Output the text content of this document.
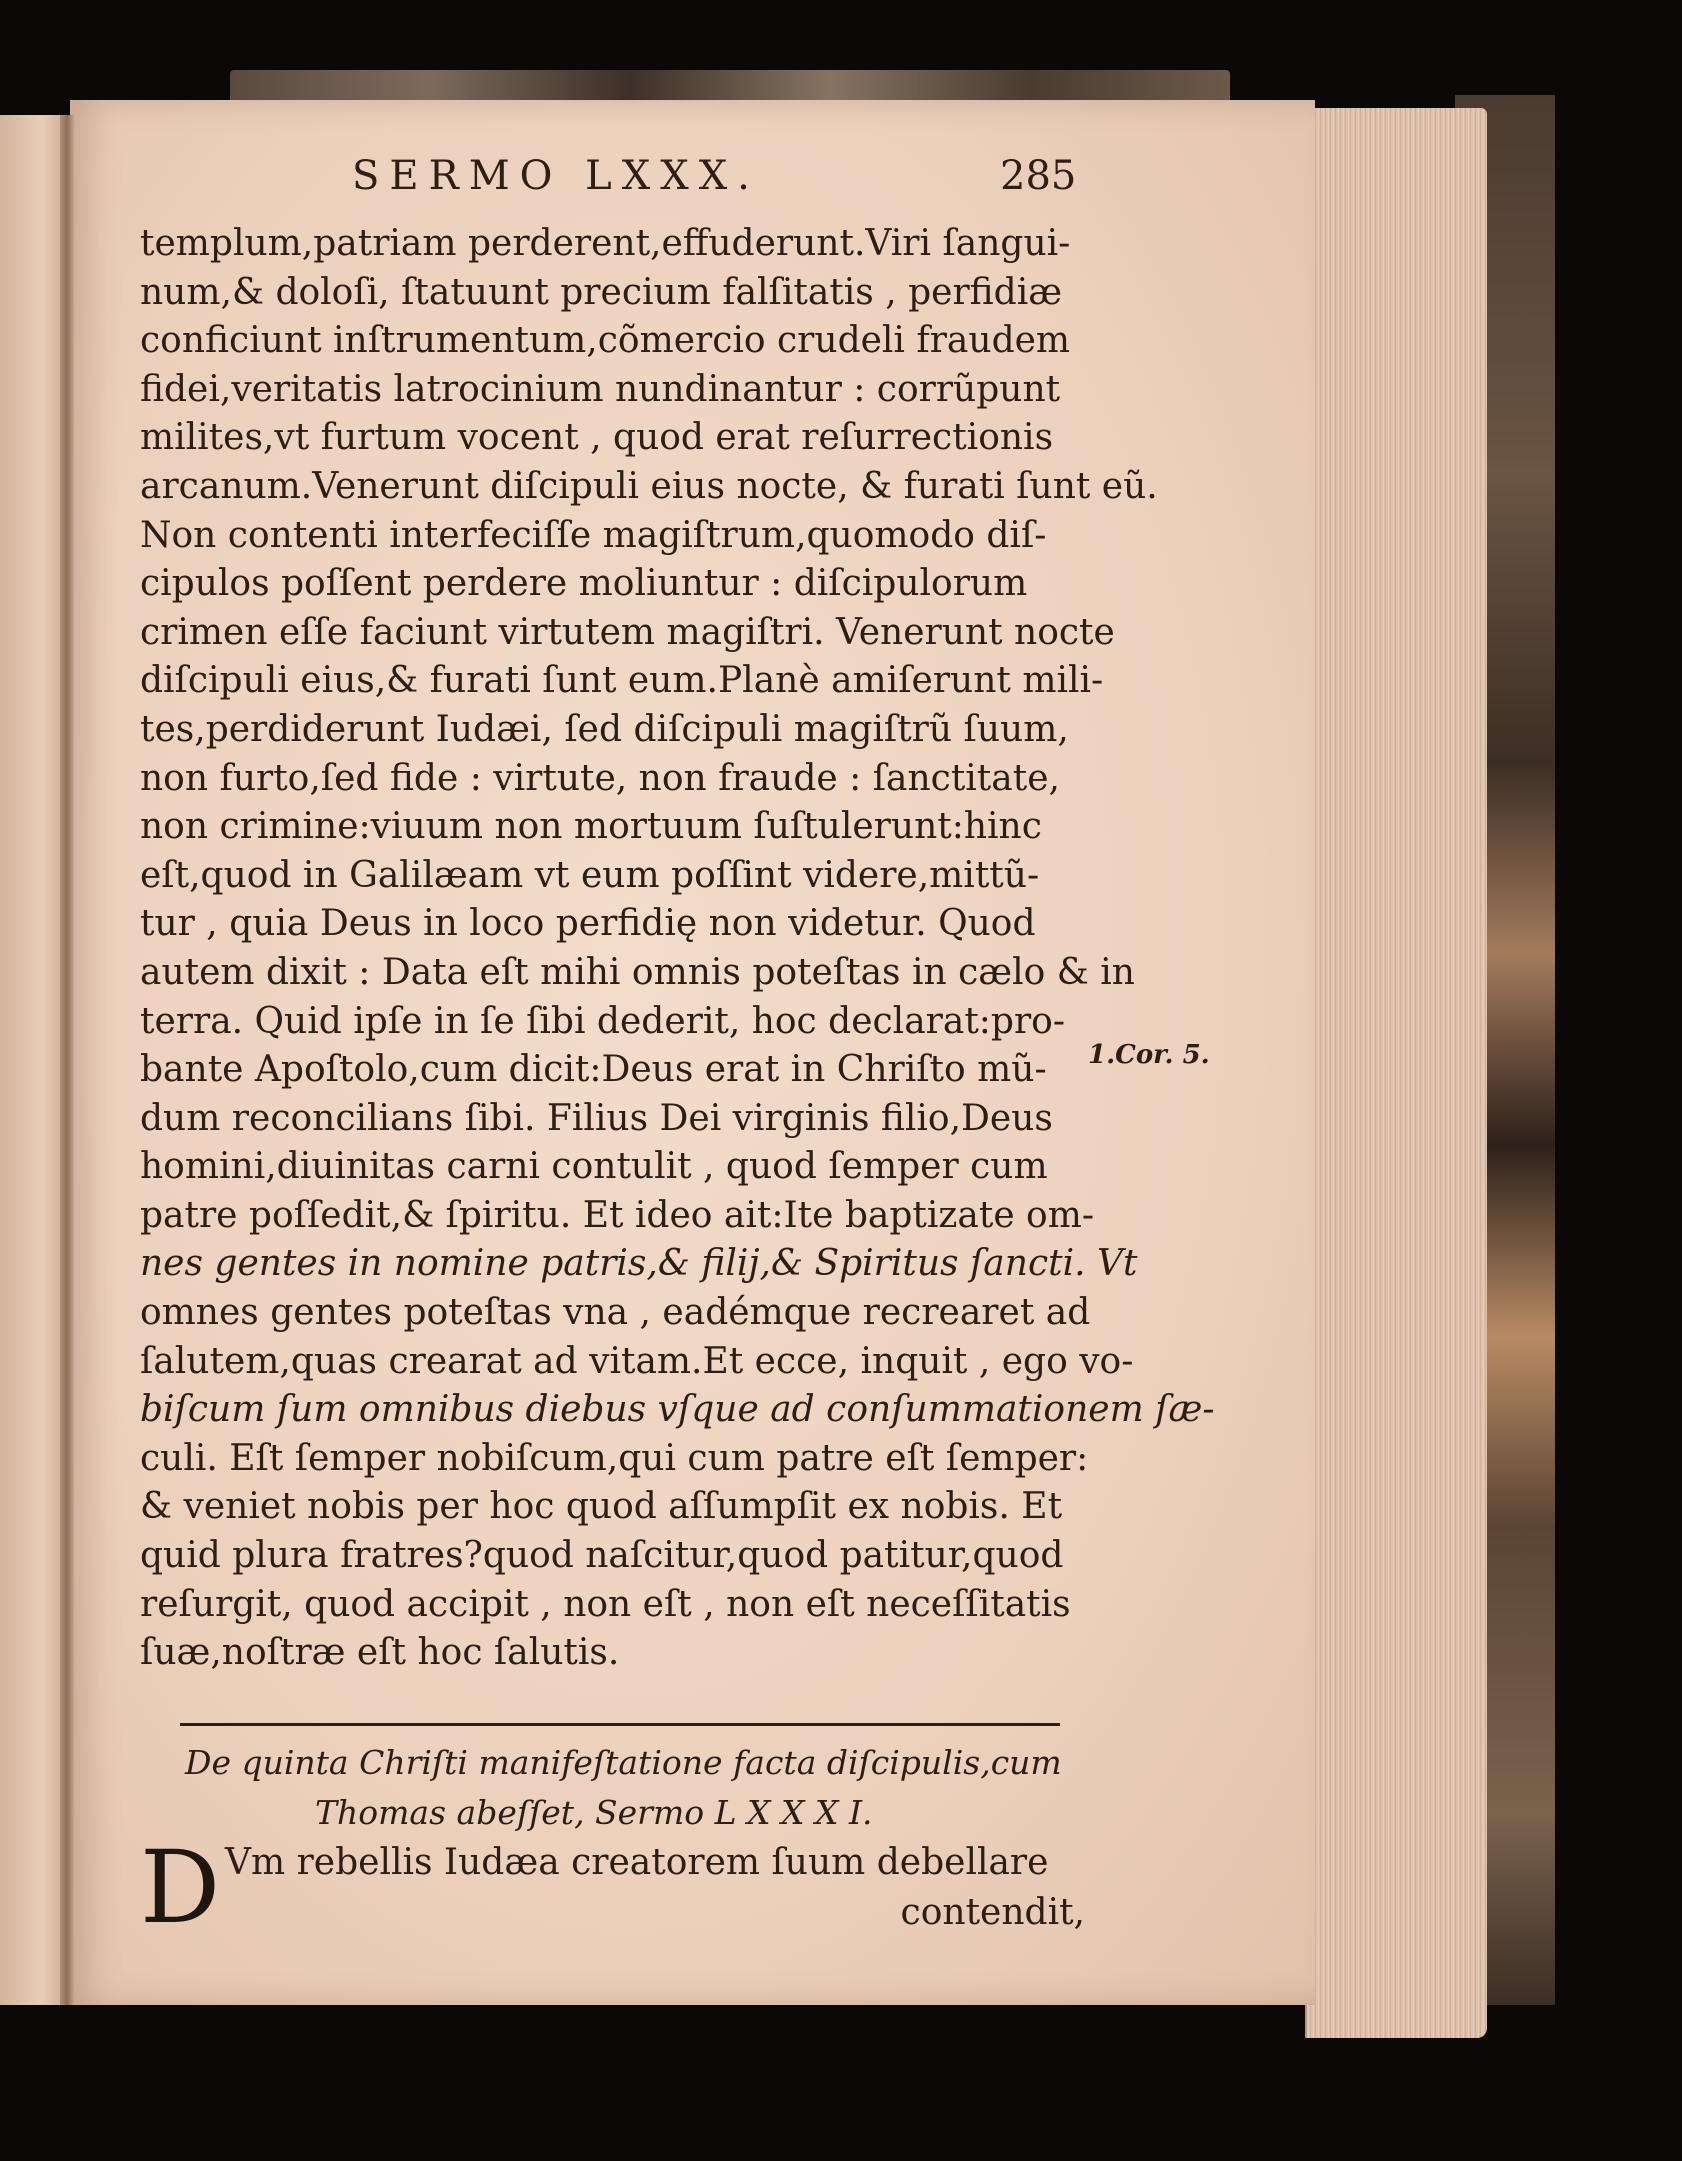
SERMO LXXX.	285
templum,patriam perderent,effuderunt.Viri ſangui-
num,& doloſi, ſtatuunt precium falſitatis , perfidiæ
conficiunt inſtrumentum,cõmercio crudeli fraudem
fidei,veritatis latrocinium nundinantur : corrũpunt
milites,vt furtum vocent , quod erat reſurrectionis
arcanum.Venerunt diſcipuli eius nocte, & furati ſunt eũ.
Non contenti interfeciſſe magiſtrum,quomodo diſ-
cipulos poſſent perdere moliuntur : diſcipulorum
crimen eſſe faciunt virtutem magiſtri. Venerunt nocte
diſcipuli eius,& furati ſunt eum.Planè amiſerunt mili-
tes,perdiderunt Iudæi, ſed diſcipuli magiſtrũ ſuum,
non furto,ſed fide : virtute, non fraude : ſanctitate,
non crimine:viuum non mortuum ſuſtulerunt:hinc
eſt,quod in Galilæam vt eum poſſint videre,mittũ-
tur , quia Deus in loco perfidię non videtur. Quod
autem dixit : Data eſt mihi omnis poteſtas in cælo & in
terra. Quid ipſe in ſe ſibi dederit, hoc declarat:pro-
bante Apoſtolo,cum dicit:Deus erat in Chriſto mũ-
dum reconcilians ſibi. Filius Dei virginis filio,Deus
homini,diuinitas carni contulit , quod ſemper cum
patre poſſedit,& ſpiritu. Et ideo ait:Ite baptizate om-
nes gentes in nomine patris,& filij,& Spiritus ſancti. Vt
omnes gentes poteſtas vna , eadémque recrearet ad
ſalutem,quas crearat ad vitam.Et ecce, inquit , ego vo-
biſcum ſum omnibus diebus vſque ad conſummationem ſæ-
culi. Eſt ſemper nobiſcum,qui cum patre eſt ſemper:
& veniet nobis per hoc quod aſſumpſit ex nobis. Et
quid plura fratres?quod naſcitur,quod patitur,quod
reſurgit, quod accipit , non eſt , non eſt neceſſitatis
ſuæ,noſtræ eſt hoc ſalutis.
1.Cor. 5.
De quinta Chriſti manifeſtatione facta diſcipulis,cum
Thomas abeſſet, Sermo L X X X I.
D Vm rebellis Iudæa creatorem ſuum debellare
contendit,
